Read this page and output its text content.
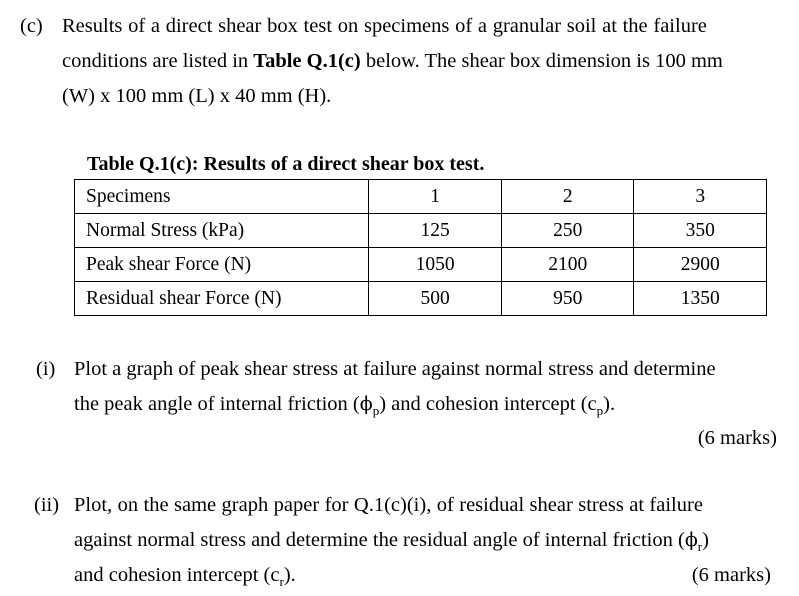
(c) Results of a direct shear box test on specimens of a granular soil at the failure
conditions are listed in Table Q.1(c) below. The shear box dimension is 100 mm
(W) x 100 mm (L) x 40 mm (H).
Table Q.1(c): Results of a direct shear box test.
Specimens	1	2	3
Normal Stress (kPa)	125	250	350
Peak shear Force (N)	1050	2100	2900
Residual shear Force (N)	500	950	1350
(i) Plot a graph of peak shear stress at failure against normal stress and determine
the peak angle of internal friction $(\phi_p)$ and cohesion intercept $(c_p)$.
(6 marks)
(ii) Plot, on the same graph paper for Q.1(c)(i), of residual shear stress at failure
against normal stress and determine the residual angle of internal friction $(\phi_r)$
and cohesion intercept $(c_r)$.	(6 marks)
